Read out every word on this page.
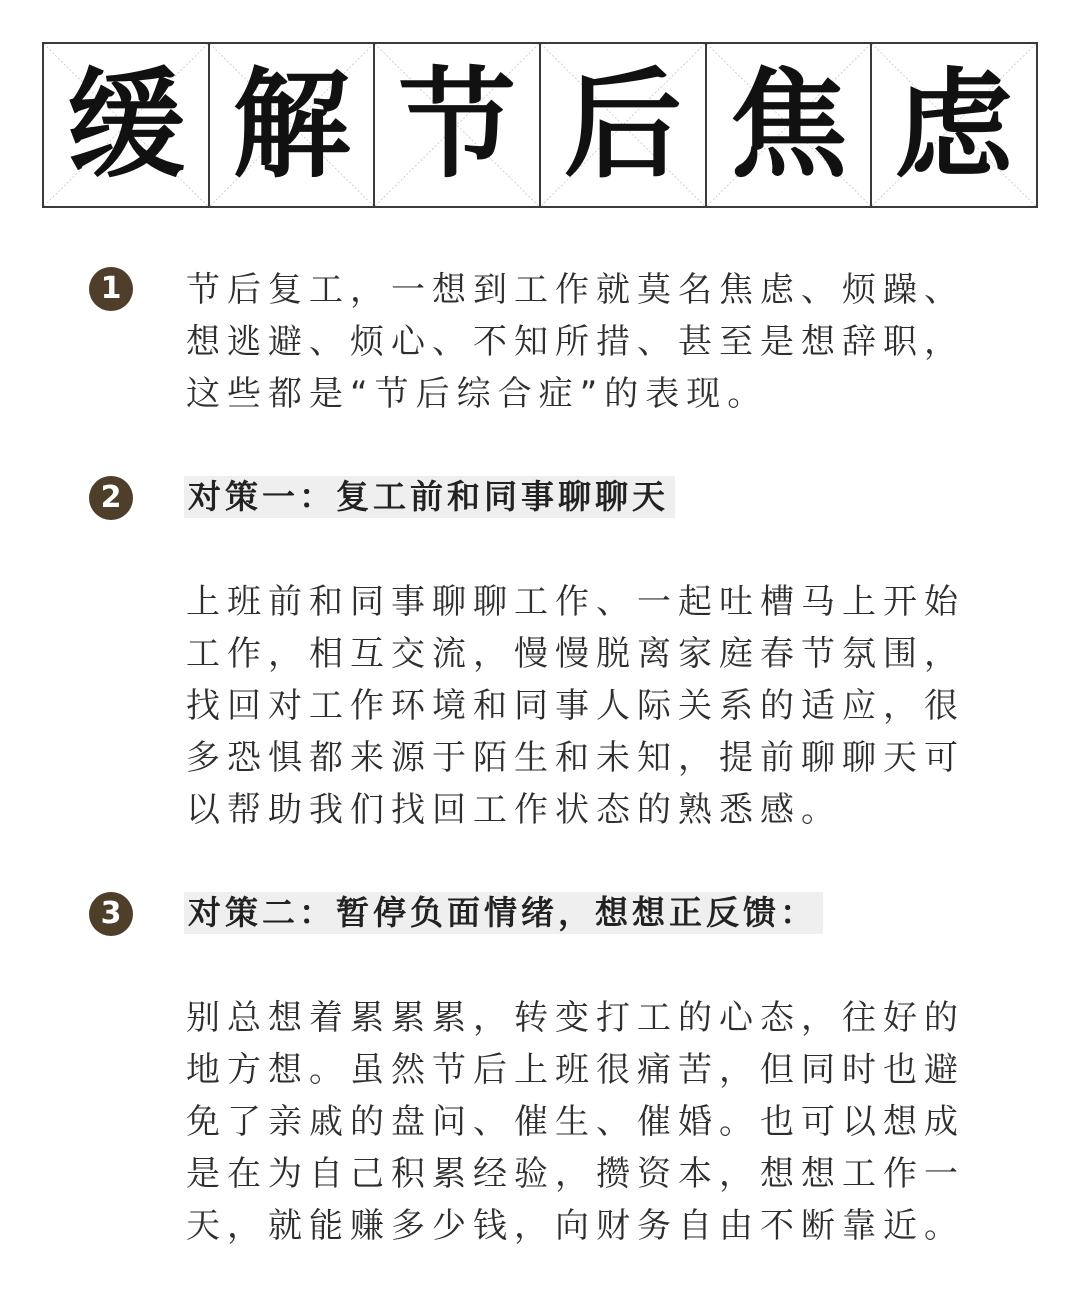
缓 解 节 后 焦 虑
1	节后复工，一想到工作就莫名焦虑、烦躁、想逃避、烦心、不知所措、甚至是想辞职，这些都是“节后综合症”的表现。

2	对策一：复工前和同事聊聊天

上班前和同事聊聊工作、一起吐槽马上开始工作，相互交流，慢慢脱离家庭春节氛围，找回对工作环境和同事人际关系的适应，很多恐惧都来源于陌生和未知，提前聊聊天可以帮助我们找回工作状态的熟悉感。

3	对策二：暂停负面情绪，想想正反馈：

别总想着累累累，转变打工的心态，往好的地方想。虽然节后上班很痛苦，但同时也避免了亲戚的盘问、催生、催婚。也可以想成是在为自己积累经验，攒资本，想想工作一天，就能赚多少钱，向财务自由不断靠近。
